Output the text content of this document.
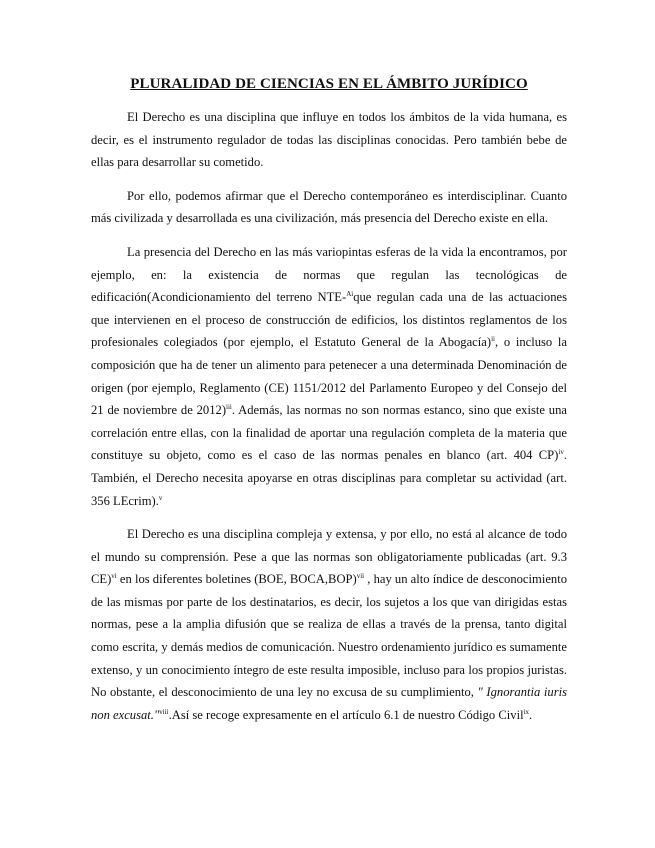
PLURALIDAD DE CIENCIAS EN EL ÁMBITO JURÍDICO

El Derecho es una disciplina que influye en todos los ámbitos de la vida humana, es decir, es el instrumento regulador de todas las disciplinas conocidas. Pero también bebe de ellas para desarrollar su cometido.

Por ello, podemos afirmar que el Derecho contemporáneo es interdisciplinar. Cuanto más civilizada y desarrollada es una civilización, más presencia del Derecho existe en ella.

La presencia del Derecho en las más variopintas esferas de la vida la encontramos, por ejemplo, en: la existencia de normas que regulan las tecnológicas de edificación(Acondicionamiento del terreno NTE-$^{Ai}$que regulan cada una de las actuaciones que intervienen en el proceso de construcción de edificios, los distintos reglamentos de los profesionales colegiados (por ejemplo, el Estatuto General de la Abogacía)$^{ii}$, o incluso la composición que ha de tener un alimento para petenecer a una determinada Denominación de origen (por ejemplo, Reglamento (CE) 1151/2012 del Parlamento Europeo y del Consejo del 21 de noviembre de 2012)$^{iii}$. Además, las normas no son normas estanco, sino que existe una correlación entre ellas, con la finalidad de aportar una regulación completa de la materia que constituye su objeto, como es el caso de las normas penales en blanco (art. 404 CP)$^{iv}$. También, el Derecho necesita apoyarse en otras disciplinas para completar su actividad (art. 356 LEcrim).$^v$

El Derecho es una disciplina compleja y extensa, y por ello, no está al alcance de todo el mundo su comprensión. Pese a que las normas son obligatoriamente publicadas (art. 9.3 CE)$^{vi}$ en los diferentes boletines (BOE, BOCA,BOP)$^{vii}$ , hay un alto índice de desconocimiento de las mismas por parte de los destinatarios, es decir, los sujetos a los que van dirigidas estas normas, pese a la amplia difusión que se realiza de ellas a través de la prensa, tanto digital como escrita, y demás medios de comunicación. Nuestro ordenamiento jurídico es sumamente extenso, y un conocimiento íntegro de este resulta imposible, incluso para los propios juristas. No obstante, el desconocimiento de una ley no excusa de su cumplimiento, " Ignorantia iuris non excusat."$^{viii}$.Así se recoge expresamente en el artículo 6.1 de nuestro Código Civil$^{ix}$.
